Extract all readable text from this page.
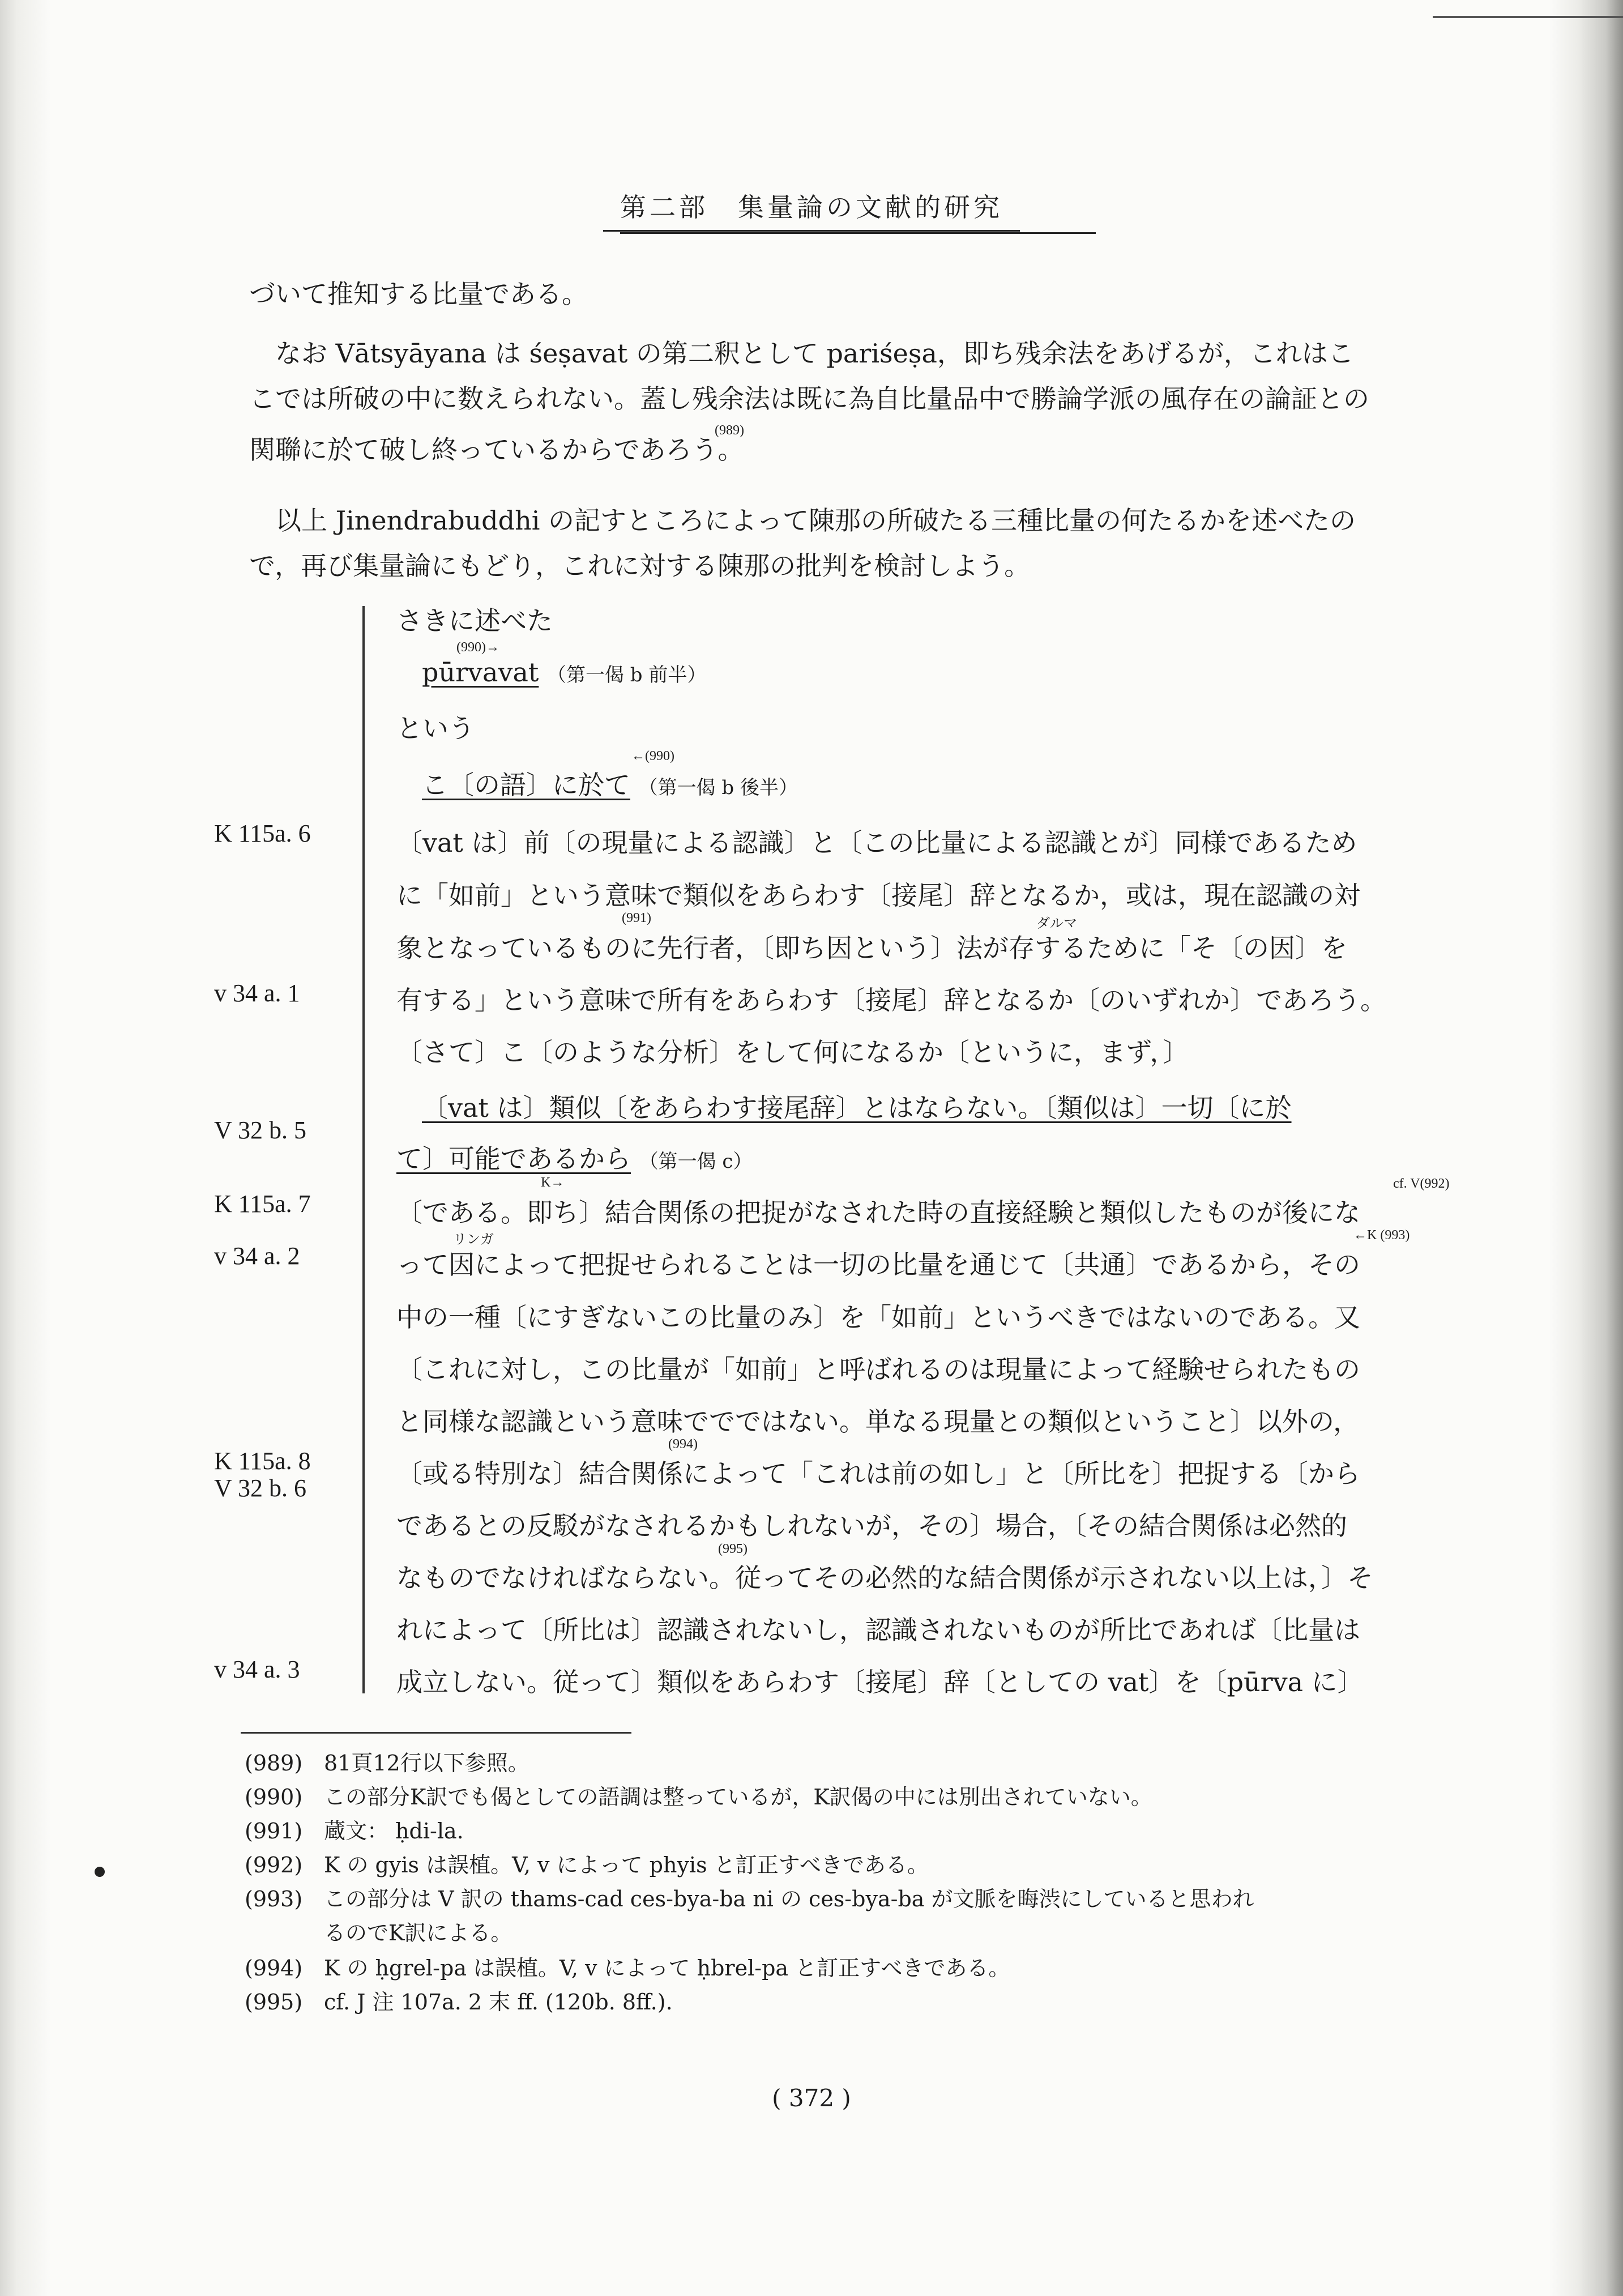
第二部　集量論の文献的研究
づいて推知する比量である。
　なお Vātsyāyana は śeṣavat の第二釈として pariśeṣa，即ち残余法をあげるが，これはこ
こでは所破の中に数えられない。蓋し残余法は既に為自比量品中で勝論学派の風存在の論証との
関聯に於て破し終っているからであろう。
　以上 Jinendrabuddhi の記すところによって陳那の所破たる三種比量の何たるかを述べたの
で，再び集量論にもどり，これに対する陳那の批判を検討しよう。
(989)
K 115a. 6
v 34 a. 1
V 32 b. 5
K 115a. 7
v 34 a. 2
K 115a. 8
V 32 b. 6
v 34 a. 3
さきに述べた
(990)→
pūrvavat （第一偈 b 前半）
という
←(990)
こ〔の語〕に於て （第一偈 b 後半）
〔vat は〕前〔の現量による認識〕と〔この比量による認識とが〕同様であるため
に「如前」という意味で類似をあらわす〔接尾〕辞となるか，或は，現在認識の対
(991)	ダルマ
象となっているものに先行者，〔即ち因という〕法が存するために「そ〔の因〕を
有する」という意味で所有をあらわす〔接尾〕辞となるか〔のいずれか〕であろう。
〔さて〕こ〔のような分析〕をして何になるか〔というに，まず，〕
〔vat は〕類似〔をあらわす接尾辞〕とはならない。〔類似は〕一切〔に於
て〕可能であるから （第一偈 c）
K→	cf. V(992)
〔である。即ち〕結合関係の把捉がなされた時の直接経験と類似したものが後にな
リンガ	←K (993)
って因によって把捉せられることは一切の比量を通じて〔共通〕であるから，その
中の一種〔にすぎないこの比量のみ〕を「如前」というべきではないのである。又
〔これに対し，この比量が「如前」と呼ばれるのは現量によって経験せられたもの
と同様な認識という意味ででではない。単なる現量との類似ということ〕以外の，
(994)
〔或る特別な〕結合関係によって「これは前の如し」と〔所比を〕把捉する〔から
であるとの反駁がなされるかもしれないが，その〕場合，〔その結合関係は必然的
(995)
なものでなければならない。従ってその必然的な結合関係が示されない以上は，〕そ
れによって〔所比は〕認識されないし，認識されないものが所比であれば〔比量は
成立しない。従って〕類似をあらわす〔接尾〕辞〔としての vat〕を〔pūrva に〕
(989) 81頁12行以下参照。
(990) この部分K訳でも偈としての語調は整っているが，K訳偈の中には別出されていない。
(991) 蔵文： ḥdi-la.
(992) K の gyis は誤植。V, v によって phyis と訂正すべきである。
(993) この部分は V 訳の thams-cad ces-bya-ba ni の ces-bya-ba が文脈を晦渋にしていると思われ
るのでK訳による。
(994) K の ḥgrel-pa は誤植。V, v によって ḥbrel-pa と訂正すべきである。
(995) cf. J 注 107a. 2 末 ff. (120b. 8ff.).
( 372 )
